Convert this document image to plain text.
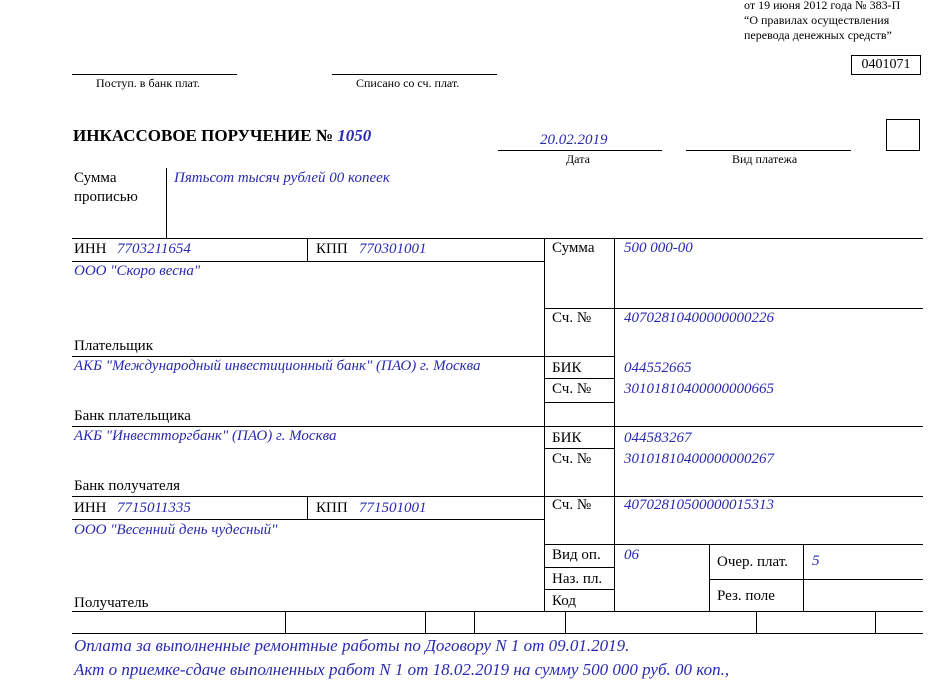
от 19 июня 2012 года № 383-П
“О правилах осуществления
перевода денежных средств”
0401071
Поступ. в банк плат.	Списано со сч. плат.
ИНКАССОВОЕ ПОРУЧЕНИЕ № 1050	20.02.2019
Дата	Вид платежа
Сумма
прописью
Пятьсот тысяч рублей 00 копеек
ИНН 7703211654	КПП 770301001
ООО "Скоро весна"
Плательщик
Сумма 500 000-00
Сч. № 40702810400000000226
АКБ "Международный инвестиционный банк" (ПАО) г. Москва
Банк плательщика
БИК	044552665
Сч. № 30101810400000000665
АКБ "Инвестторгбанк" (ПАО) г. Москва
Банк получателя
БИК	044583267
Сч. № 30101810400000000267
ИНН 7715011335	КПП 771501001
ООО "Весенний день чудесный"
Получатель
Сч. № 40702810500000015313
Вид оп. 06
Наз. пл.
Код
Очер. плат. 5
Рез. поле
Оплата за выполненные ремонтные работы по Договору N 1 от 09.01.2019.
Акт о приемке-сдаче выполненных работ N 1 от 18.02.2019 на сумму 500 000 руб. 00 коп.,
